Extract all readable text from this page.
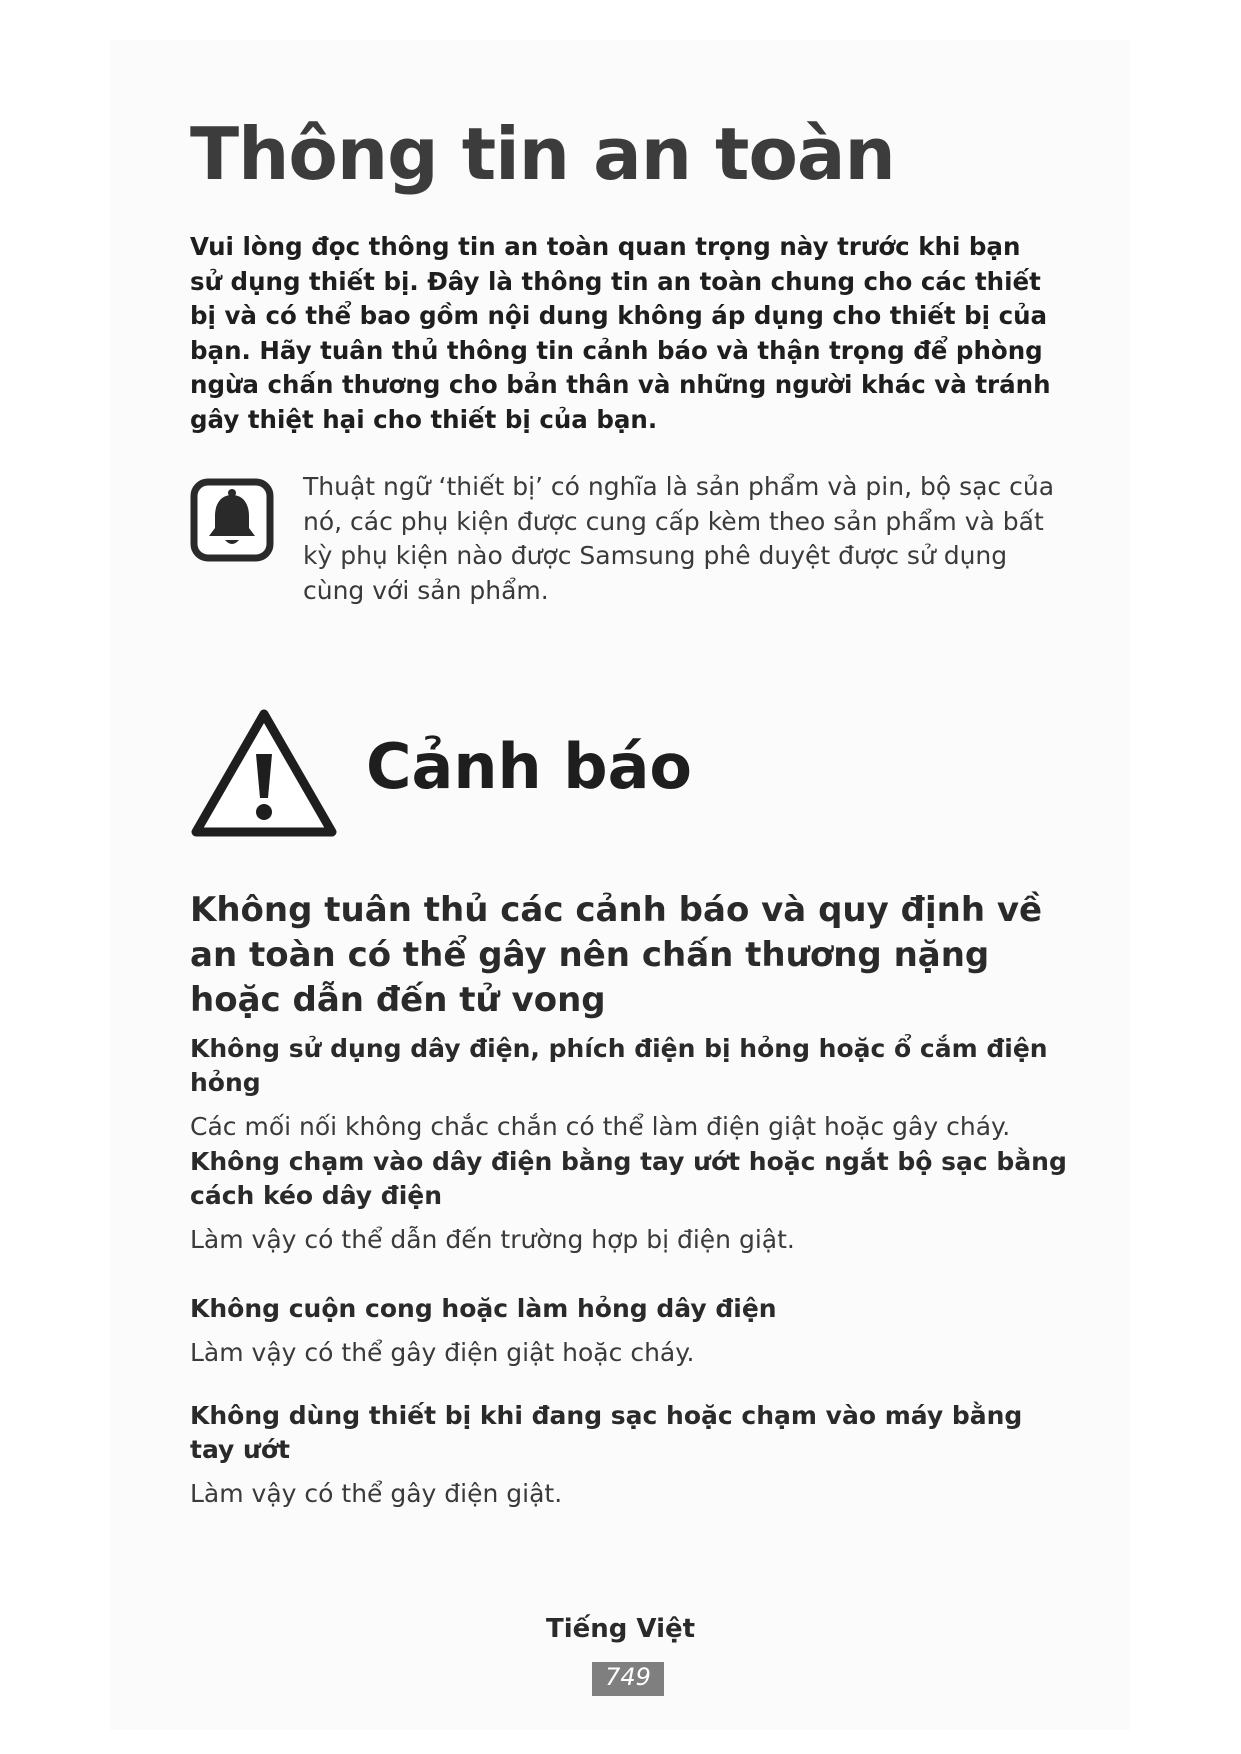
Thông tin an toàn

Vui lòng đọc thông tin an toàn quan trọng này trước khi bạn sử dụng thiết bị. Đây là thông tin an toàn chung cho các thiết bị và có thể bao gồm nội dung không áp dụng cho thiết bị của bạn. Hãy tuân thủ thông tin cảnh báo và thận trọng để phòng ngừa chấn thương cho bản thân và những người khác và tránh gây thiệt hại cho thiết bị của bạn.

Thuật ngữ ‘thiết bị’ có nghĩa là sản phẩm và pin, bộ sạc của nó, các phụ kiện được cung cấp kèm theo sản phẩm và bất kỳ phụ kiện nào được Samsung phê duyệt được sử dụng cùng với sản phẩm.

Cảnh báo
Không tuân thủ các cảnh báo và quy định về an toàn có thể gây nên chấn thương nặng hoặc dẫn đến tử vong

Không sử dụng dây điện, phích điện bị hỏng hoặc ổ cắm điện hỏng

Các mối nối không chắc chắn có thể làm điện giật hoặc gây cháy.

Không chạm vào dây điện bằng tay ướt hoặc ngắt bộ sạc bằng cách kéo dây điện

Làm vậy có thể dẫn đến trường hợp bị điện giật.

Không cuộn cong hoặc làm hỏng dây điện

Làm vậy có thể gây điện giật hoặc cháy.

Không dùng thiết bị khi đang sạc hoặc chạm vào máy bằng tay ướt

Làm vậy có thể gây điện giật.

Tiếng Việt

749
